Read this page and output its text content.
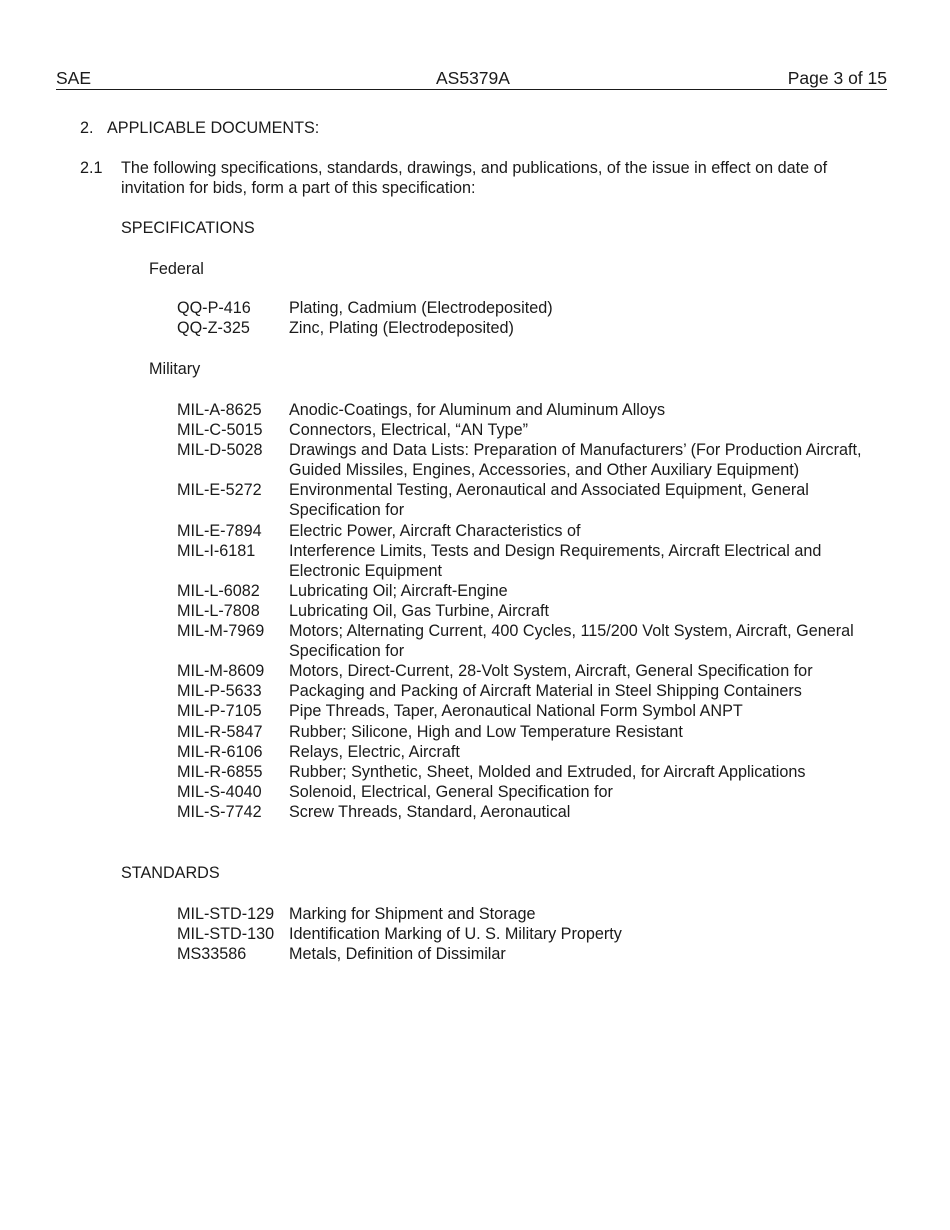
SAE	AS5379A	Page 3 of 15
2. APPLICABLE DOCUMENTS:
2.1 The following specifications, standards, drawings, and publications, of the issue in effect on date of invitation for bids, form a part of this specification:
SPECIFICATIONS
Federal
QQ-P-416	Plating, Cadmium (Electrodeposited)
QQ-Z-325	Zinc, Plating (Electrodeposited)
Military
MIL-A-8625	Anodic-Coatings, for Aluminum and Aluminum Alloys
MIL-C-5015	Connectors, Electrical, “AN Type”
MIL-D-5028	Drawings and Data Lists: Preparation of Manufacturers’ (For Production Aircraft, Guided Missiles, Engines, Accessories, and Other Auxiliary Equipment)
MIL-E-5272	Environmental Testing, Aeronautical and Associated Equipment, General Specification for
MIL-E-7894	Electric Power, Aircraft Characteristics of
MIL-I-6181	Interference Limits, Tests and Design Requirements, Aircraft Electrical and Electronic Equipment
MIL-L-6082	Lubricating Oil; Aircraft-Engine
MIL-L-7808	Lubricating Oil, Gas Turbine, Aircraft
MIL-M-7969	Motors; Alternating Current, 400 Cycles, 115/200 Volt System, Aircraft, General Specification for
MIL-M-8609	Motors, Direct-Current, 28-Volt System, Aircraft, General Specification for
MIL-P-5633	Packaging and Packing of Aircraft Material in Steel Shipping Containers
MIL-P-7105	Pipe Threads, Taper, Aeronautical National Form Symbol ANPT
MIL-R-5847	Rubber; Silicone, High and Low Temperature Resistant
MIL-R-6106	Relays, Electric, Aircraft
MIL-R-6855	Rubber; Synthetic, Sheet, Molded and Extruded, for Aircraft Applications
MIL-S-4040	Solenoid, Electrical, General Specification for
MIL-S-7742	Screw Threads, Standard, Aeronautical
STANDARDS
MIL-STD-129 Marking for Shipment and Storage
MIL-STD-130 Identification Marking of U. S. Military Property
MS33586	Metals, Definition of Dissimilar
